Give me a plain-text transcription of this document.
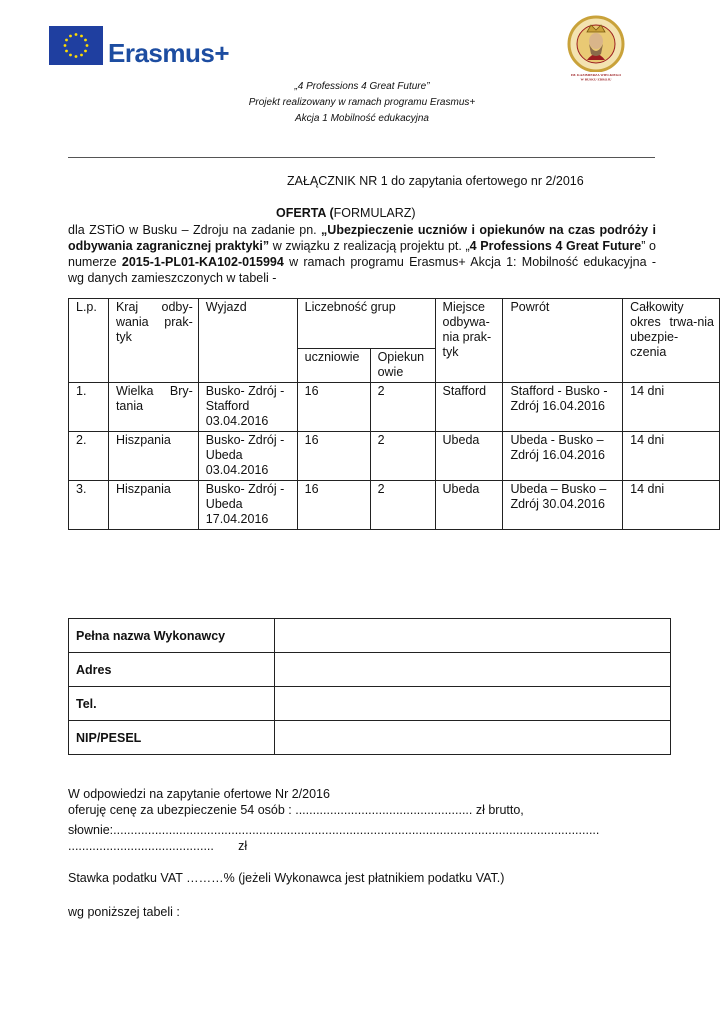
Erasmus+
IM. KAZIMIERZA WIELKIEGO
W BUSKU-ZDROJU
„4 Professions 4 Great Future”
Projekt realizowany w ramach programu Erasmus+
Akcja 1 Mobilność edukacyjna
ZAŁĄCZNIK NR 1 do zapytania ofertowego nr 2/2016
OFERTA (FORMULARZ)
dla ZSTiO w Busku – Zdroju na zadanie pn. „Ubezpieczenie uczniów i opiekunów na czas podróży i odbywania zagranicznej praktyki” w związku z realizacją projektu pt. „4 Professions 4 Great Future” o numerze 2015-1-PL01-KA102-015994 w ramach programu Erasmus+ Akcja 1: Mobilność edukacyjna - wg danych zamieszczonych w tabeli -
L.p.	Kraj odby-wania prak-tyk	Wyjazd	Liczebność grup		Miejsce odbywa-nia prak-tyk	Powrót	Całkowity okres trwa-nia ubezpie-czenia
			uczniowie	Opiekun owie			
1.	Wielka Bry-tania	Busko- Zdrój - Stafford 03.04.2016	16	2	Stafford	Stafford - Busko - Zdrój 16.04.2016	14 dni
2.	Hiszpania	Busko- Zdrój - Ubeda 03.04.2016	16	2	Ubeda	Ubeda - Busko – Zdrój 16.04.2016	14 dni
3.	Hiszpania	Busko- Zdrój - Ubeda 17.04.2016	16	2	Ubeda	Ubeda – Busko – Zdrój 30.04.2016	14 dni
Pełna nazwa Wykonawcy	
Adres	
Tel.	
NIP/PESEL	
W odpowiedzi na zapytanie ofertowe Nr 2/2016
oferuję cenę za ubezpieczenie 54 osób : ................................................... zł brutto,
słownie:............................................................................................................................................
..........................................       zł
Stawka podatku VAT ………% (jeżeli Wykonawca jest płatnikiem podatku VAT.)
wg poniższej tabeli :
